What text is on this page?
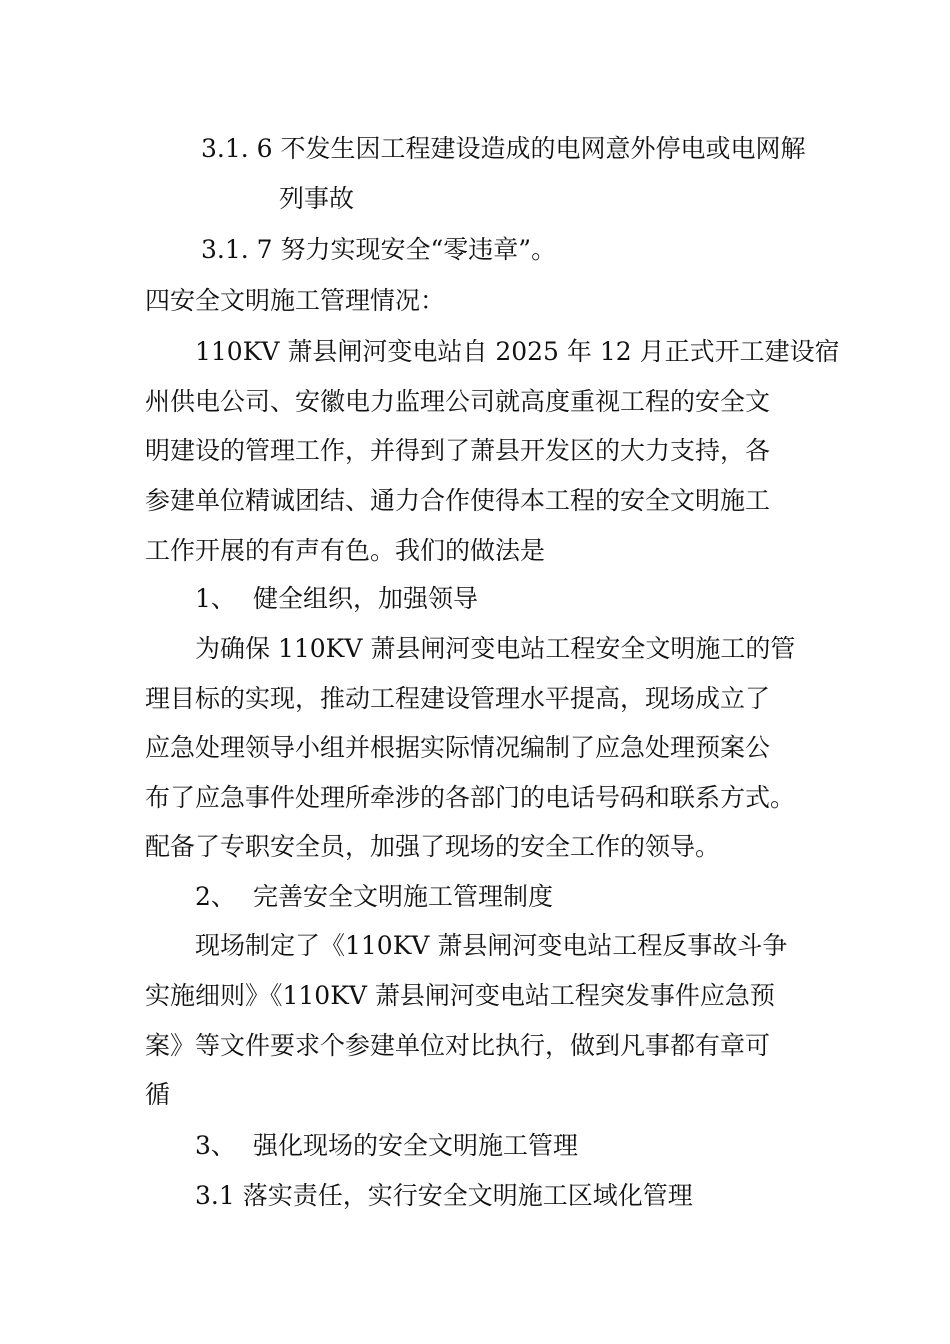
3.1. 6 不发生因工程建设造成的电网意外停电或电网解

列事故

3.1. 7 努力实现安全“零违章”。

四安全文明施工管理情况：

110KV 萧县闸河变电站自 2025 年 12 月正式开工建设宿

州供电公司、安徽电力监理公司就高度重视工程的安全文

明建设的管理工作，并得到了萧县开发区的大力支持，各

参建单位精诚团结、通力合作使得本工程的安全文明施工

工作开展的有声有色。我们的做法是

1、 健全组织，加强领导

为确保 110KV 萧县闸河变电站工程安全文明施工的管

理目标的实现，推动工程建设管理水平提高，现场成立了

应急处理领导小组并根据实际情况编制了应急处理预案公

布了应急事件处理所牵涉的各部门的电话号码和联系方式。

配备了专职安全员，加强了现场的安全工作的领导。

2、 完善安全文明施工管理制度

现场制定了《110KV 萧县闸河变电站工程反事故斗争

实施细则》《110KV 萧县闸河变电站工程突发事件应急预

案》等文件要求个参建单位对比执行，做到凡事都有章可

循

3、 强化现场的安全文明施工管理

3.1 落实责任，实行安全文明施工区域化管理
